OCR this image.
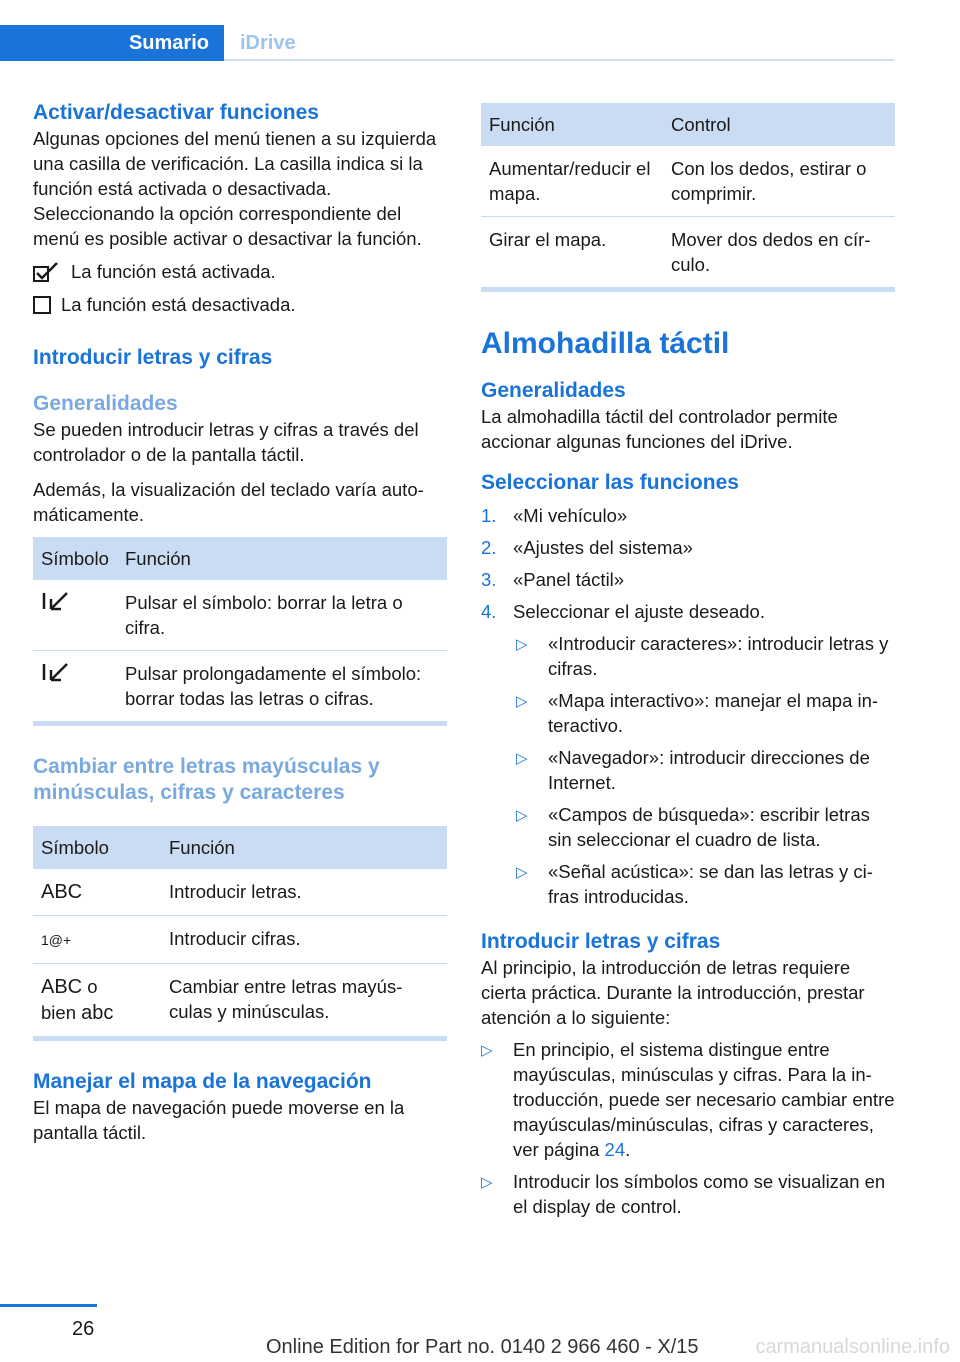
Sumario	iDrive
Activar/desactivar funciones

Algunas opciones del menú tienen a su izquierda una casilla de verificación. La casilla indica si la función está activada o desactivada. Seleccionando la opción correspondiente del menú es posible activar o desactivar la función.

La función está activada.
La función está desactivada.
Introducir letras y cifras
Generalidades

Se pueden introducir letras y cifras a través del controlador o de la pantalla táctil.

Además, la visualización del teclado varía automáticamente.

Símbolo	Función
	Pulsar el símbolo: borrar la letra o cifra.
	Pulsar prolongadamente el símbolo: borrar todas las letras o cifras.
Cambiar entre letras mayúsculas y minúsculas, cifras y caracteres
Símbolo	Función
ABC	Introducir letras.
1@+	Introducir cifras.
ABC o
bien abc	Cambiar entre letras mayúsculas y minúsculas.
Manejar el mapa de la navegación

El mapa de navegación puede moverse en la pantalla táctil.

Función	Control
Aumentar/reducir el mapa.	Con los dedos, estirar o comprimir.
Girar el mapa.	Mover dos dedos en círculo.
Almohadilla táctil
Generalidades

La almohadilla táctil del controlador permite accionar algunas funciones del iDrive.

Seleccionar las funciones
1. «Mi vehículo»
2. «Ajustes del sistema»
3. «Panel táctil»
4. Seleccionar el ajuste deseado.
▷ «Introducir caracteres»: introducir letras y cifras.
▷ «Mapa interactivo»: manejar el mapa interactivo.
▷ «Navegador»: introducir direcciones de Internet.
▷ «Campos de búsqueda»: escribir letras sin seleccionar el cuadro de lista.
▷ «Señal acústica»: se dan las letras y cifras introducidas.
Introducir letras y cifras

Al principio, la introducción de letras requiere cierta práctica. Durante la introducción, prestar atención a lo siguiente:

▷ En principio, el sistema distingue entre mayúsculas, minúsculas y cifras. Para la introducción, puede ser necesario cambiar entre mayúsculas/minúsculas, cifras y caracteres, ver página 24.
▷ Introducir los símbolos como se visualizan en el display de control.
26
Online Edition for Part no. 0140 2 966 460 - X/15	carmanualsonline.info
